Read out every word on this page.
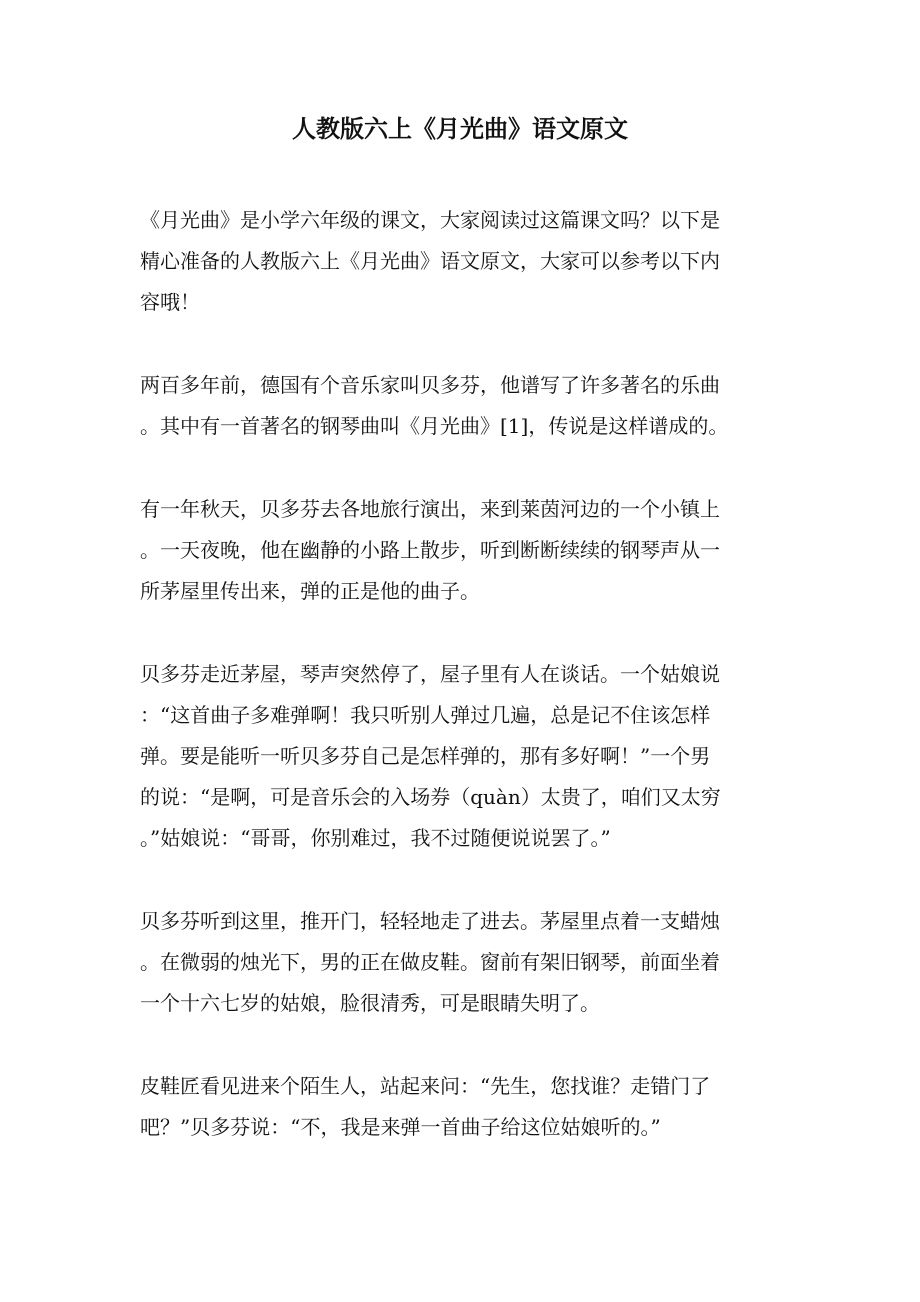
人教版六上《月光曲》语文原文

《月光曲》是小学六年级的课文，大家阅读过这篇课文吗？以下是
精心准备的人教版六上《月光曲》语文原文，大家可以参考以下内
容哦！

两百多年前，德国有个音乐家叫贝多芬，他谱写了许多著名的乐曲
。其中有一首著名的钢琴曲叫《月光曲》[1]，传说是这样谱成的。

有一年秋天，贝多芬去各地旅行演出，来到莱茵河边的一个小镇上
。一天夜晚，他在幽静的小路上散步，听到断断续续的钢琴声从一
所茅屋里传出来，弹的正是他的曲子。

贝多芬走近茅屋，琴声突然停了，屋子里有人在谈话。一个姑娘说
：“这首曲子多难弹啊！我只听别人弹过几遍，总是记不住该怎样
弹。要是能听一听贝多芬自己是怎样弹的，那有多好啊！”一个男
的说：“是啊，可是音乐会的入场券（quàn）太贵了，咱们又太穷
。”姑娘说：“哥哥，你别难过，我不过随便说说罢了。”

贝多芬听到这里，推开门，轻轻地走了进去。茅屋里点着一支蜡烛
。在微弱的烛光下，男的正在做皮鞋。窗前有架旧钢琴，前面坐着
一个十六七岁的姑娘，脸很清秀，可是眼睛失明了。

皮鞋匠看见进来个陌生人，站起来问：“先生，您找谁？走错门了
吧？”贝多芬说：“不，我是来弹一首曲子给这位姑娘听的。”
